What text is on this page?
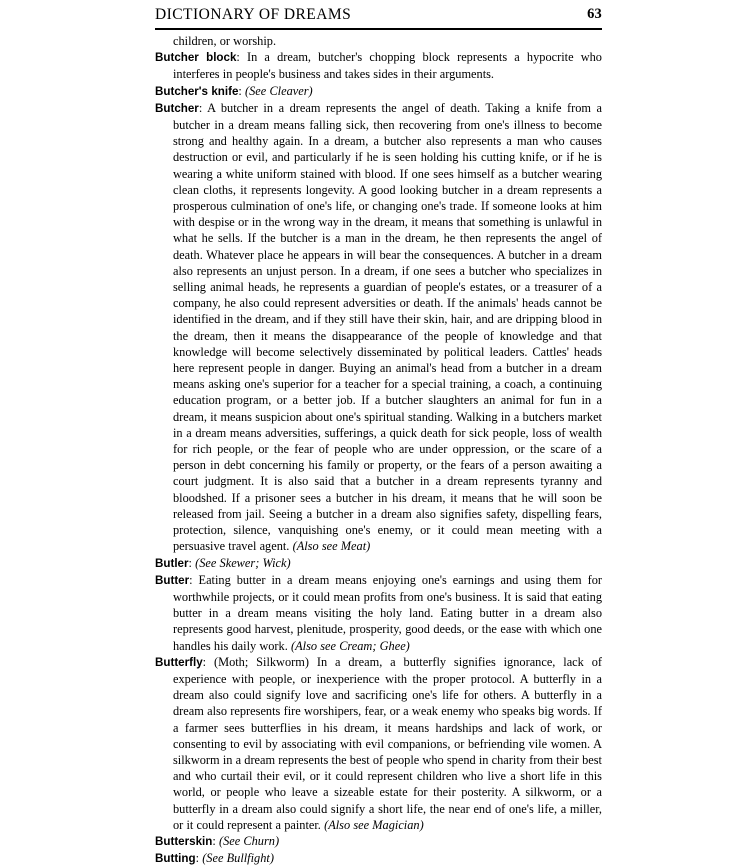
DICTIONARY OF DREAMS	63

children, or worship.

Butcher block: In a dream, butcher's chopping block represents a hypocrite who interferes in people's business and takes sides in their arguments.

Butcher's knife: (See Cleaver)

Butcher: A butcher in a dream represents the angel of death. Taking a knife from a butcher in a dream means falling sick, then recovering from one's illness to become strong and healthy again. In a dream, a butcher also represents a man who causes destruction or evil, and particularly if he is seen holding his cutting knife, or if he is wearing a white uniform stained with blood. If one sees himself as a butcher wearing clean cloths, it represents longevity. A good looking butcher in a dream represents a prosperous culmination of one's life, or changing one's trade. If someone looks at him with despise or in the wrong way in the dream, it means that something is unlawful in what he sells. If the butcher is a man in the dream, he then represents the angel of death. Whatever place he appears in will bear the consequences. A butcher in a dream also represents an unjust person. In a dream, if one sees a butcher who specializes in selling animal heads, he represents a guardian of people's estates, or a treasurer of a company, he also could represent adversities or death. If the animals' heads cannot be identified in the dream, and if they still have their skin, hair, and are dripping blood in the dream, then it means the disappearance of the people of knowledge and that knowledge will become selectively disseminated by political leaders. Cattles' heads here represent people in danger. Buying an animal's head from a butcher in a dream means asking one's superior for a teacher for a special training, a coach, a continuing education program, or a better job. If a butcher slaughters an animal for fun in a dream, it means suspicion about one's spiritual standing. Walking in a butchers market in a dream means adversities, sufferings, a quick death for sick people, loss of wealth for rich people, or the fear of people who are under oppression, or the scare of a person in debt concerning his family or property, or the fears of a person awaiting a court judgment. It is also said that a butcher in a dream represents tyranny and bloodshed. If a prisoner sees a butcher in his dream, it means that he will soon be released from jail. Seeing a butcher in a dream also signifies safety, dispelling fears, protection, silence, vanquishing one's enemy, or it could mean meeting with a persuasive travel agent. (Also see Meat)

Butler: (See Skewer; Wick)

Butter: Eating butter in a dream means enjoying one's earnings and using them for worthwhile projects, or it could mean profits from one's business. It is said that eating butter in a dream means visiting the holy land. Eating butter in a dream also represents good harvest, plenitude, prosperity, good deeds, or the ease with which one handles his daily work. (Also see Cream; Ghee)

Butterfly: (Moth; Silkworm) In a dream, a butterfly signifies ignorance, lack of experience with people, or inexperience with the proper protocol. A butterfly in a dream also could signify love and sacrificing one's life for others. A butterfly in a dream also represents fire worshipers, fear, or a weak enemy who speaks big words. If a farmer sees butterflies in his dream, it means hardships and lack of work, or consenting to evil by associating with evil companions, or befriending vile women. A silkworm in a dream represents the best of people who spend in charity from their best and who curtail their evil, or it could represent children who live a short life in this world, or people who leave a sizeable estate for their posterity. A silkworm, or a butterfly in a dream also could signify a short life, the near end of one's life, a miller, or it could represent a painter. (Also see Magician)

Butterskin: (See Churn)

Butting: (See Bullfight)
